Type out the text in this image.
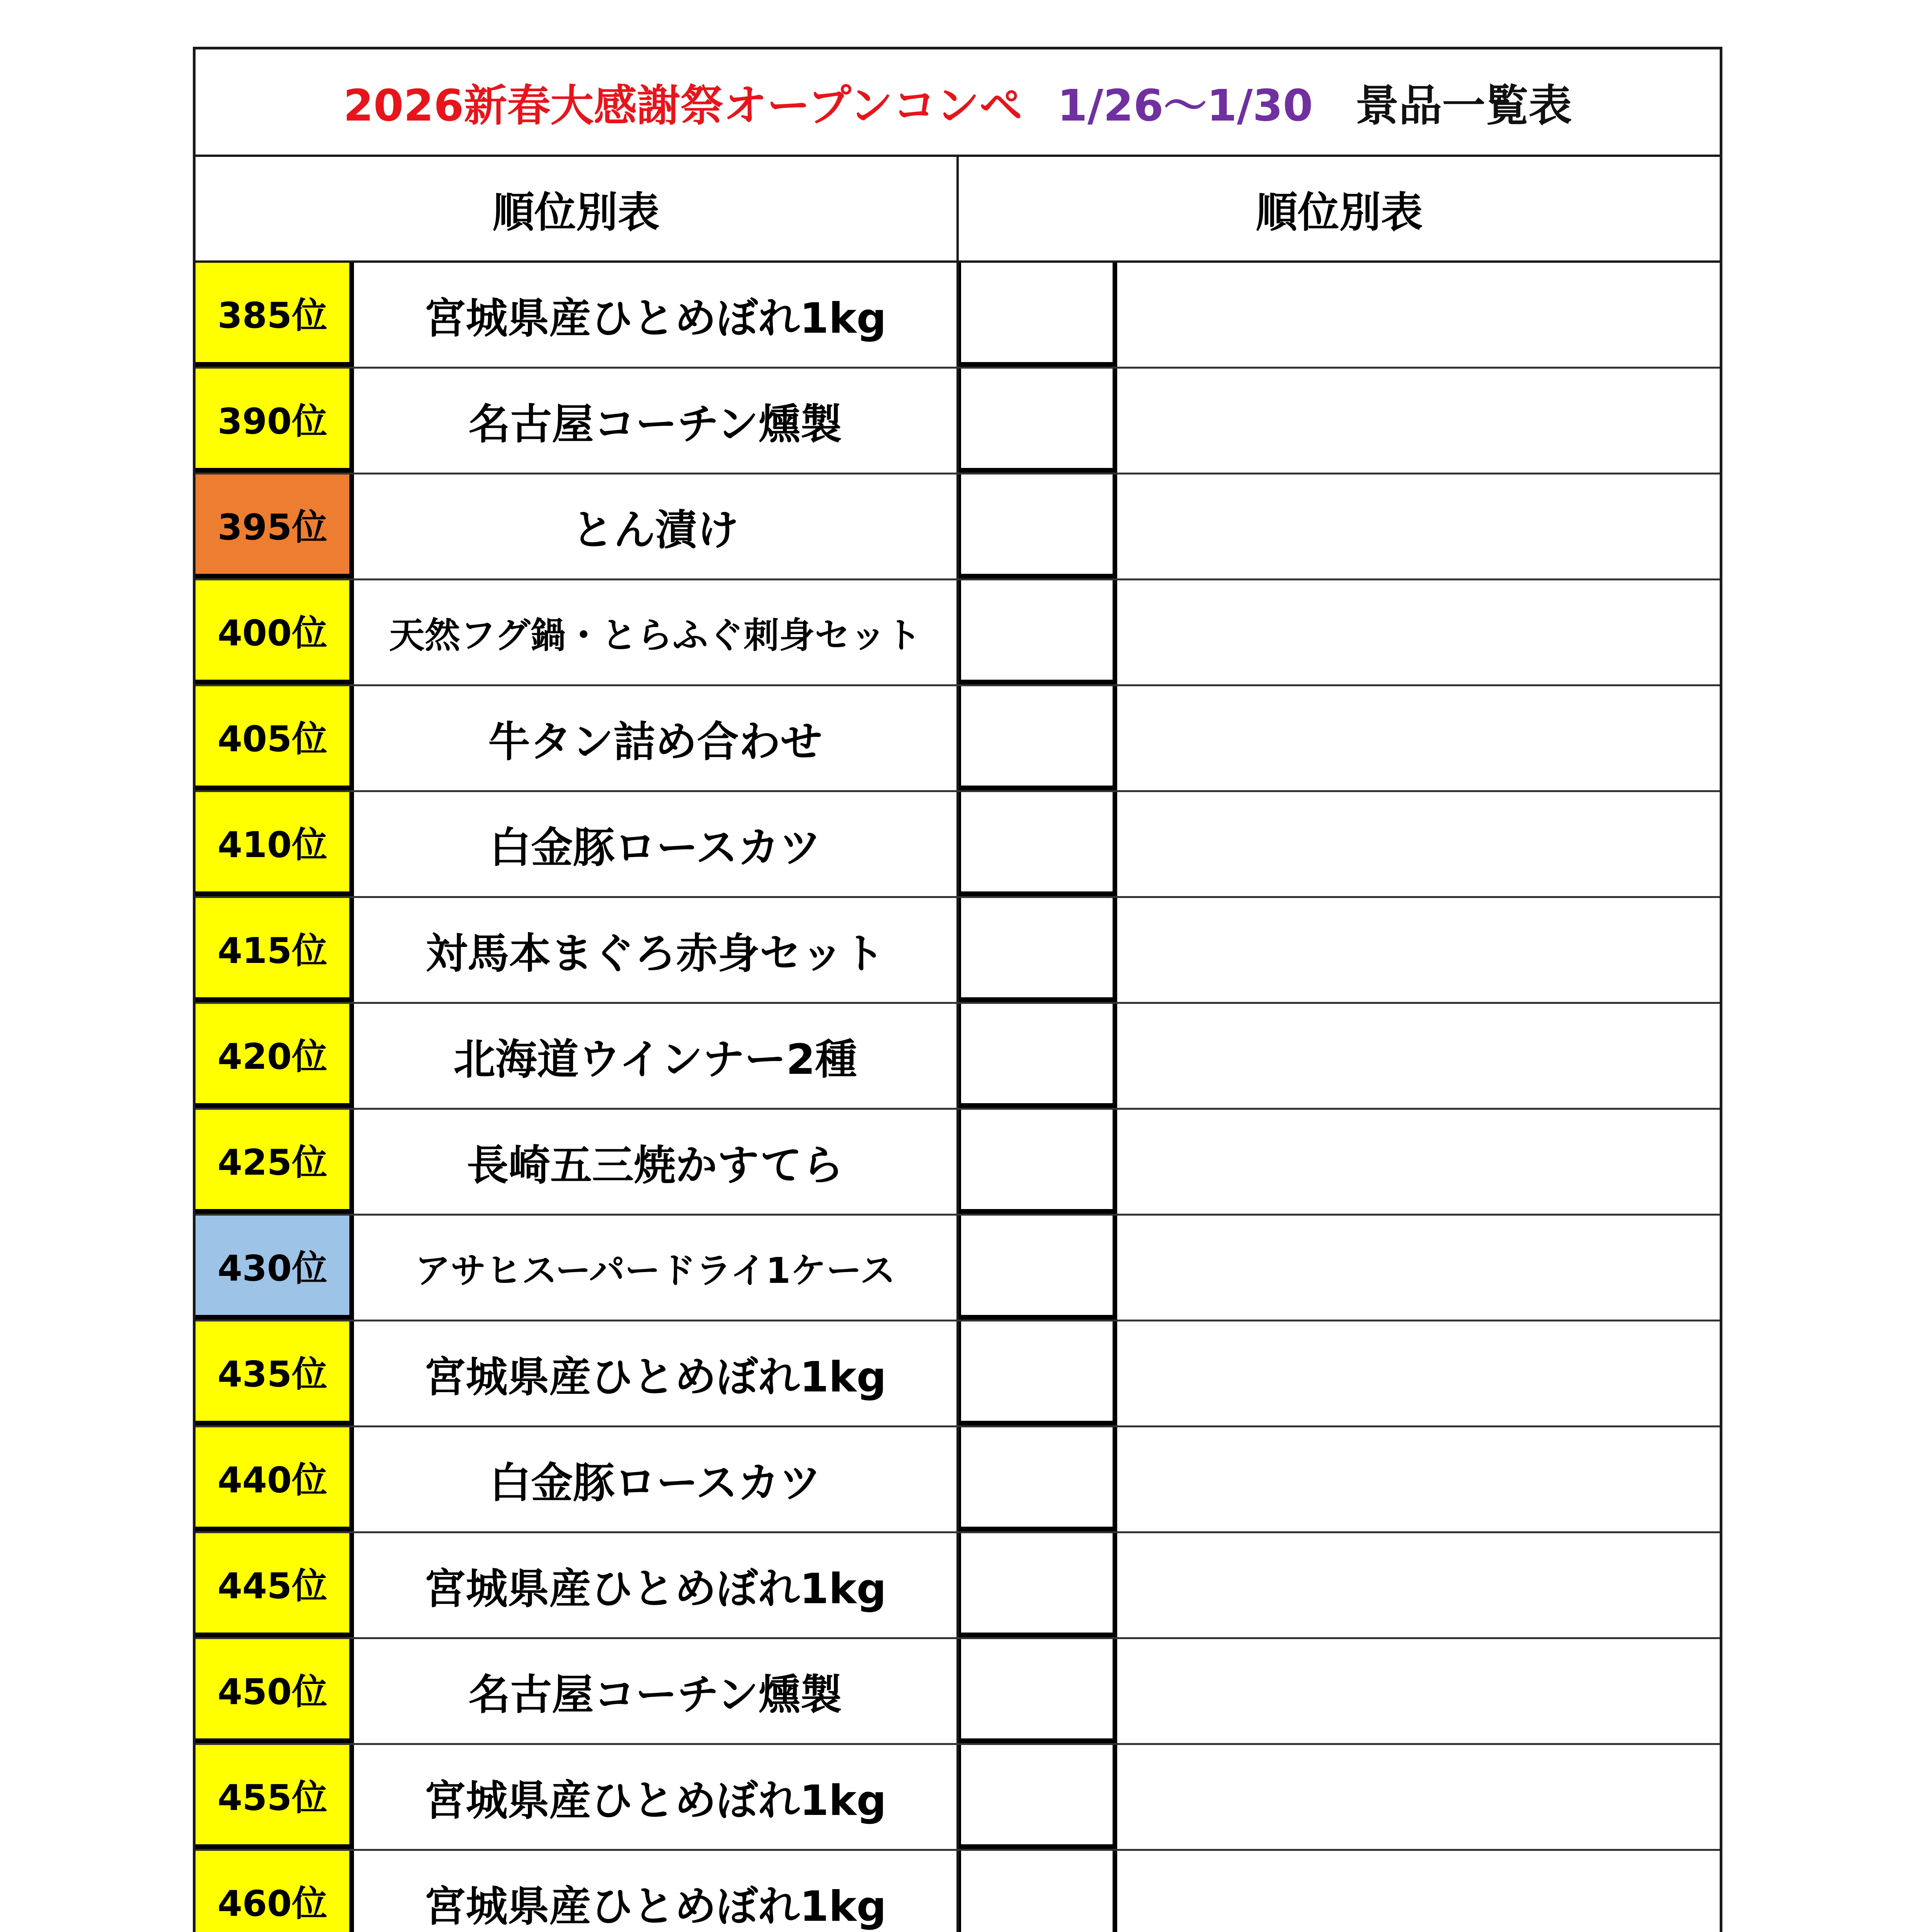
2026新春大感謝祭オープンコンペ 1/26～1/30 景品一覧表
順位別表	順位別表
385位	宮城県産ひとめぼれ1kg
390位	名古屋コーチン燻製
395位	とん漬け
400位	天然フグ鍋・とらふぐ刺身セット
405位	牛タン詰め合わせ
410位	白金豚ロースカツ
415位	対馬本まぐろ赤身セット
420位	北海道ウインナー2種
425位	長崎五三焼かすてら
430位	アサヒスーパードライ1ケース
435位	宮城県産ひとめぼれ1kg
440位	白金豚ロースカツ
445位	宮城県産ひとめぼれ1kg
450位	名古屋コーチン燻製
455位	宮城県産ひとめぼれ1kg
460位	宮城県産ひとめぼれ1kg
